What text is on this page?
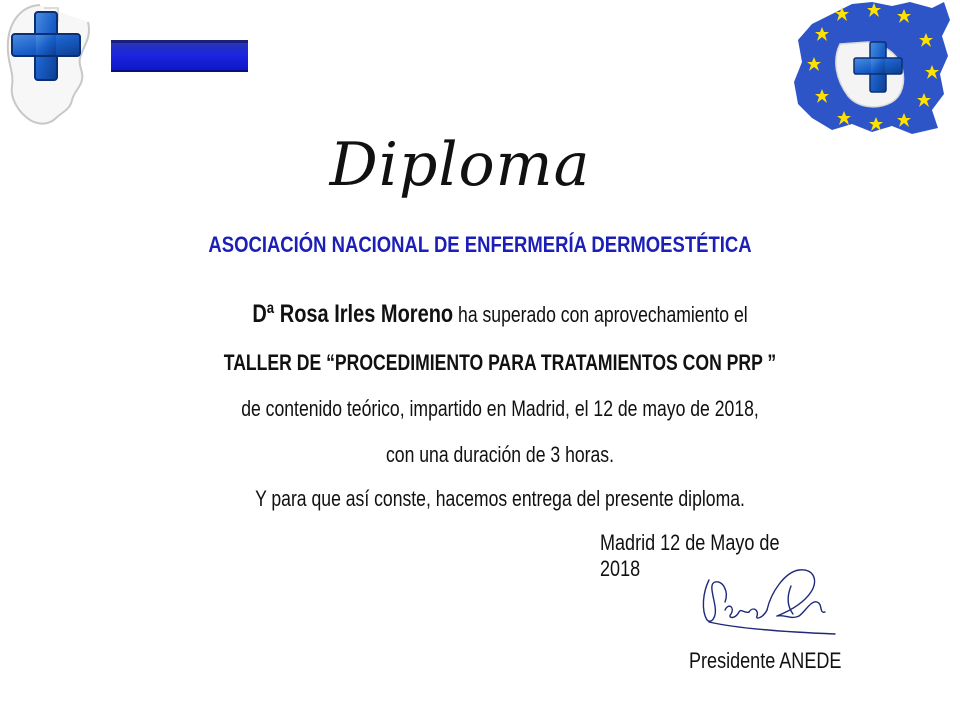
Diploma
ASOCIACIÓN NACIONAL DE ENFERMERÍA DERMOESTÉTICA
Dª Rosa Irles Moreno ha superado con aprovechamiento el
TALLER DE “PROCEDIMIENTO PARA TRATAMIENTOS CON PRP ”
de contenido teórico, impartido en Madrid, el 12 de mayo de 2018,
con una duración de 3 horas.
Y para que así conste, hacemos entrega del presente diploma.
Madrid 12 de Mayo de 2018
Presidente ANEDE
